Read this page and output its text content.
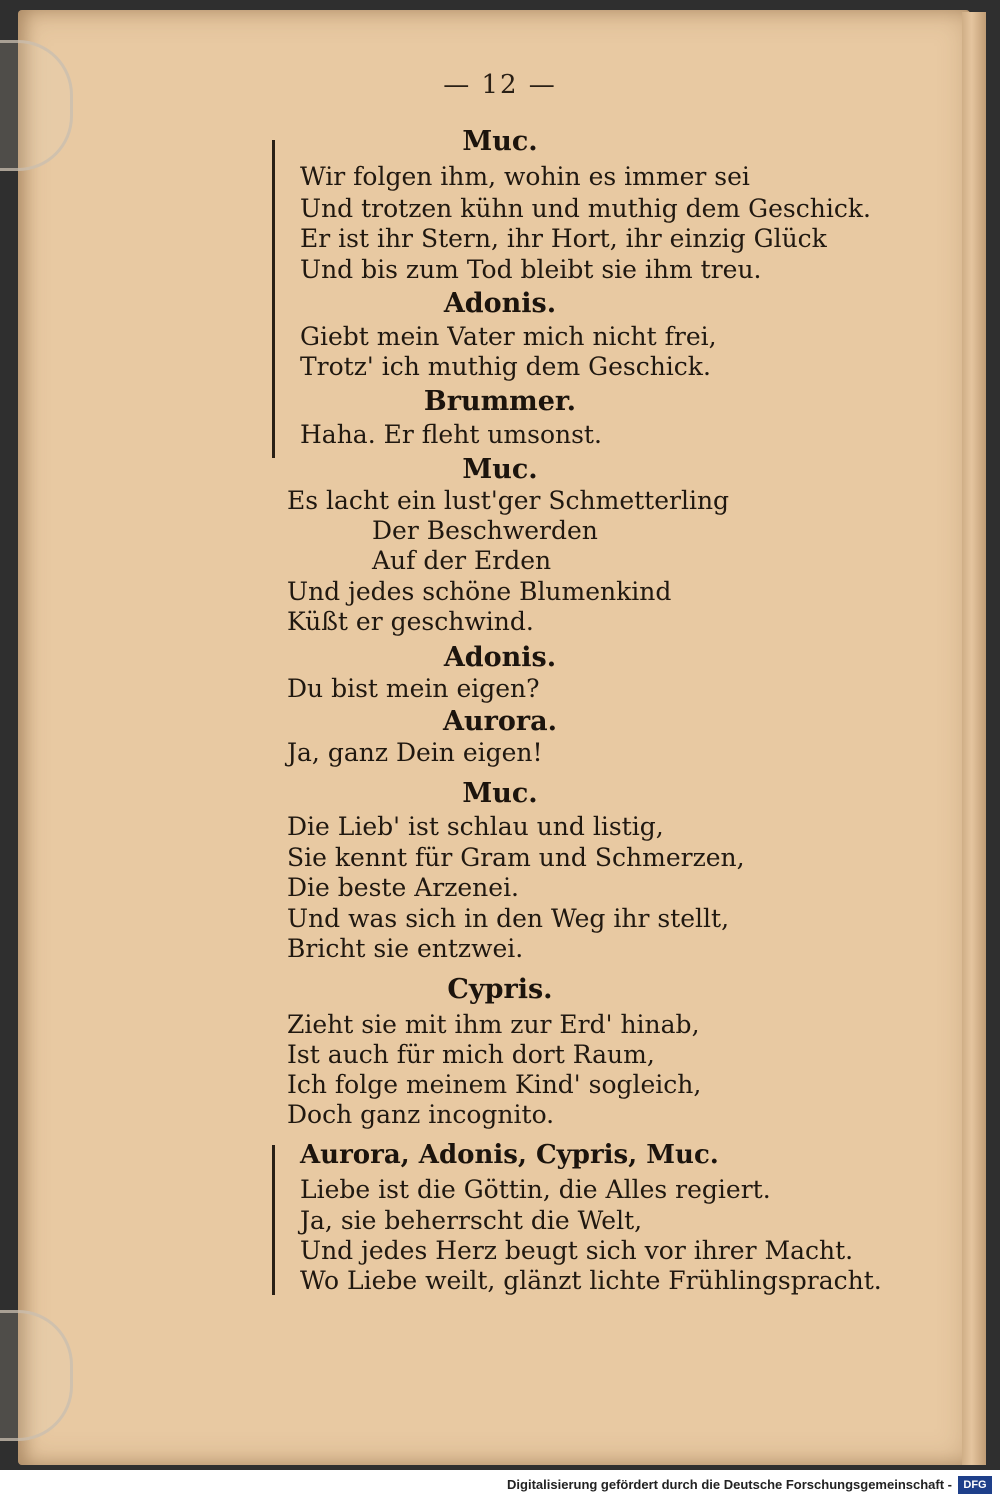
— 12 —
Muc.
Wir folgen ihm, wohin es immer sei
Und trotzen kühn und muthig dem Geschick.
Er ist ihr Stern, ihr Hort, ihr einzig Glück
Und bis zum Tod bleibt sie ihm treu.
Adonis.
Giebt mein Vater mich nicht frei,
Trotz' ich muthig dem Geschick.
Brummer.
Haha. Er fleht umsonst.
Muc.
Es lacht ein lust'ger Schmetterling
Der Beschwerden
Auf der Erden
Und jedes schöne Blumenkind
Küßt er geschwind.
Adonis.
Du bist mein eigen?
Aurora.
Ja, ganz Dein eigen!
Muc.
Die Lieb' ist schlau und listig,
Sie kennt für Gram und Schmerzen,
Die beste Arzenei.
Und was sich in den Weg ihr stellt,
Bricht sie entzwei.
Cypris.
Zieht sie mit ihm zur Erd' hinab,
Ist auch für mich dort Raum,
Ich folge meinem Kind' sogleich,
Doch ganz incognito.
Aurora, Adonis, Cypris, Muc.
Liebe ist die Göttin, die Alles regiert.
Ja, sie beherrscht die Welt,
Und jedes Herz beugt sich vor ihrer Macht.
Wo Liebe weilt, glänzt lichte Frühlingspracht.
Digitalisierung gefördert durch die Deutsche Forschungsgemeinschaft -	DFG
